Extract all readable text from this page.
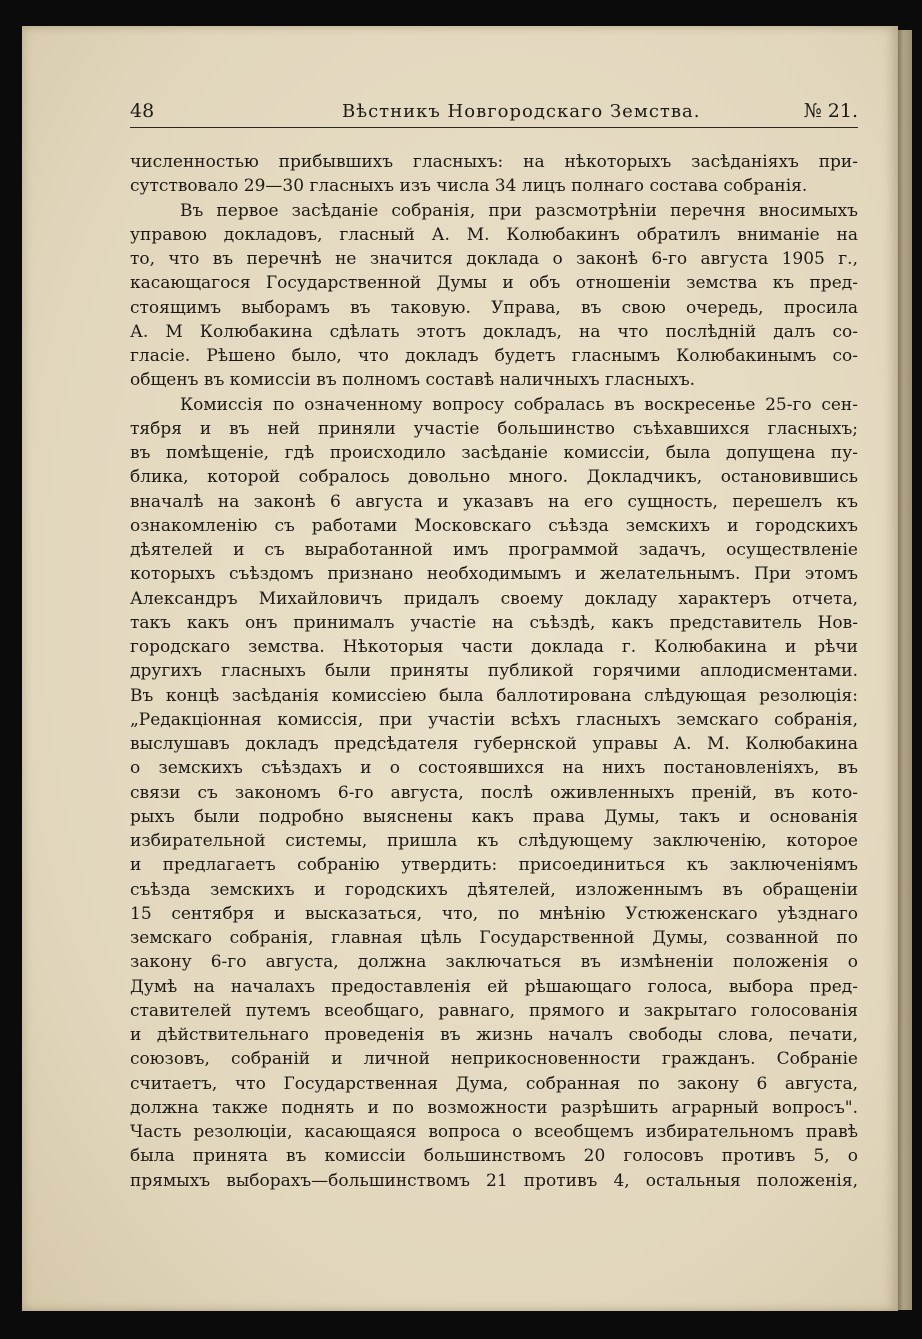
48	Вѣстникъ Новгородскаго Земства.	№ 21.
численностью прибывшихъ гласныхъ: на нѣкоторыхъ засѣданіяхъ при-
сутствовало 29—30 гласныхъ изъ числа 34 лицъ полнаго состава собранія.
Въ первое засѣданіе собранія, при разсмотрѣніи перечня вносимыхъ
управою докладовъ, гласный А. М. Колюбакинъ обратилъ вниманіе на
то, что въ перечнѣ не значится доклада о законѣ 6-го августа 1905 г.,
касающагося Государственной Думы и объ отношеніи земства къ пред-
стоящимъ выборамъ въ таковую. Управа, въ свою очередь, просила
А. М Колюбакина сдѣлать этотъ докладъ, на что послѣдній далъ со-
гласіе. Рѣшено было, что докладъ будетъ гласнымъ Колюбакинымъ со-
общенъ въ комиссіи въ полномъ составѣ наличныхъ гласныхъ.
Комиссія по означенному вопросу собралась въ воскресенье 25-го сен-
тября и въ ней приняли участіе большинство съѣхавшихся гласныхъ;
въ помѣщеніе, гдѣ происходило засѣданіе комиссіи, была допущена пу-
блика, которой собралось довольно много. Докладчикъ, остановившись
вначалѣ на законѣ 6 августа и указавъ на его сущность, перешелъ къ
ознакомленію съ работами Московскаго съѣзда земскихъ и городскихъ
дѣятелей и съ выработанной имъ программой задачъ, осуществленіе
которыхъ съѣздомъ признано необходимымъ и желательнымъ. При этомъ
Александръ Михайловичъ придалъ своему докладу характеръ отчета,
такъ какъ онъ принималъ участіе на съѣздѣ, какъ представитель Нов-
городскаго земства. Нѣкоторыя части доклада г. Колюбакина и рѣчи
другихъ гласныхъ были приняты публикой горячими аплодисментами.
Въ концѣ засѣданія комиссіею была баллотирована слѣдующая резолюція:
„Редакціонная комиссія, при участіи всѣхъ гласныхъ земскаго собранія,
выслушавъ докладъ предсѣдателя губернской управы А. М. Колюбакина
о земскихъ съѣздахъ и о состоявшихся на нихъ постановленіяхъ, въ
связи съ закономъ 6-го августа, послѣ оживленныхъ преній, въ кото-
рыхъ были подробно выяснены какъ права Думы, такъ и основанія
избирательной системы, пришла къ слѣдующему заключенію, которое
и предлагаетъ собранію утвердить: присоединиться къ заключеніямъ
съѣзда земскихъ и городскихъ дѣятелей, изложеннымъ въ обращеніи
15 сентября и высказаться, что, по мнѣнію Устюженскаго уѣзднаго
земскаго собранія, главная цѣль Государственной Думы, созванной по
закону 6-го августа, должна заключаться въ измѣненіи положенія о
Думѣ на началахъ предоставленія ей рѣшающаго голоса, выбора пред-
ставителей путемъ всеобщаго, равнаго, прямого и закрытаго голосованія
и дѣйствительнаго проведенія въ жизнь началъ свободы слова, печати,
союзовъ, собраній и личной неприкосновенности гражданъ. Собраніе
считаетъ, что Государственная Дума, собранная по закону 6 августа,
должна также поднять и по возможности разрѣшить аграрный вопросъ".
Часть резолюціи, касающаяся вопроса о всеобщемъ избирательномъ правѣ
была принята въ комиссіи большинствомъ 20 голосовъ противъ 5, о
прямыхъ выборахъ—большинствомъ 21 противъ 4, остальныя положенія,
